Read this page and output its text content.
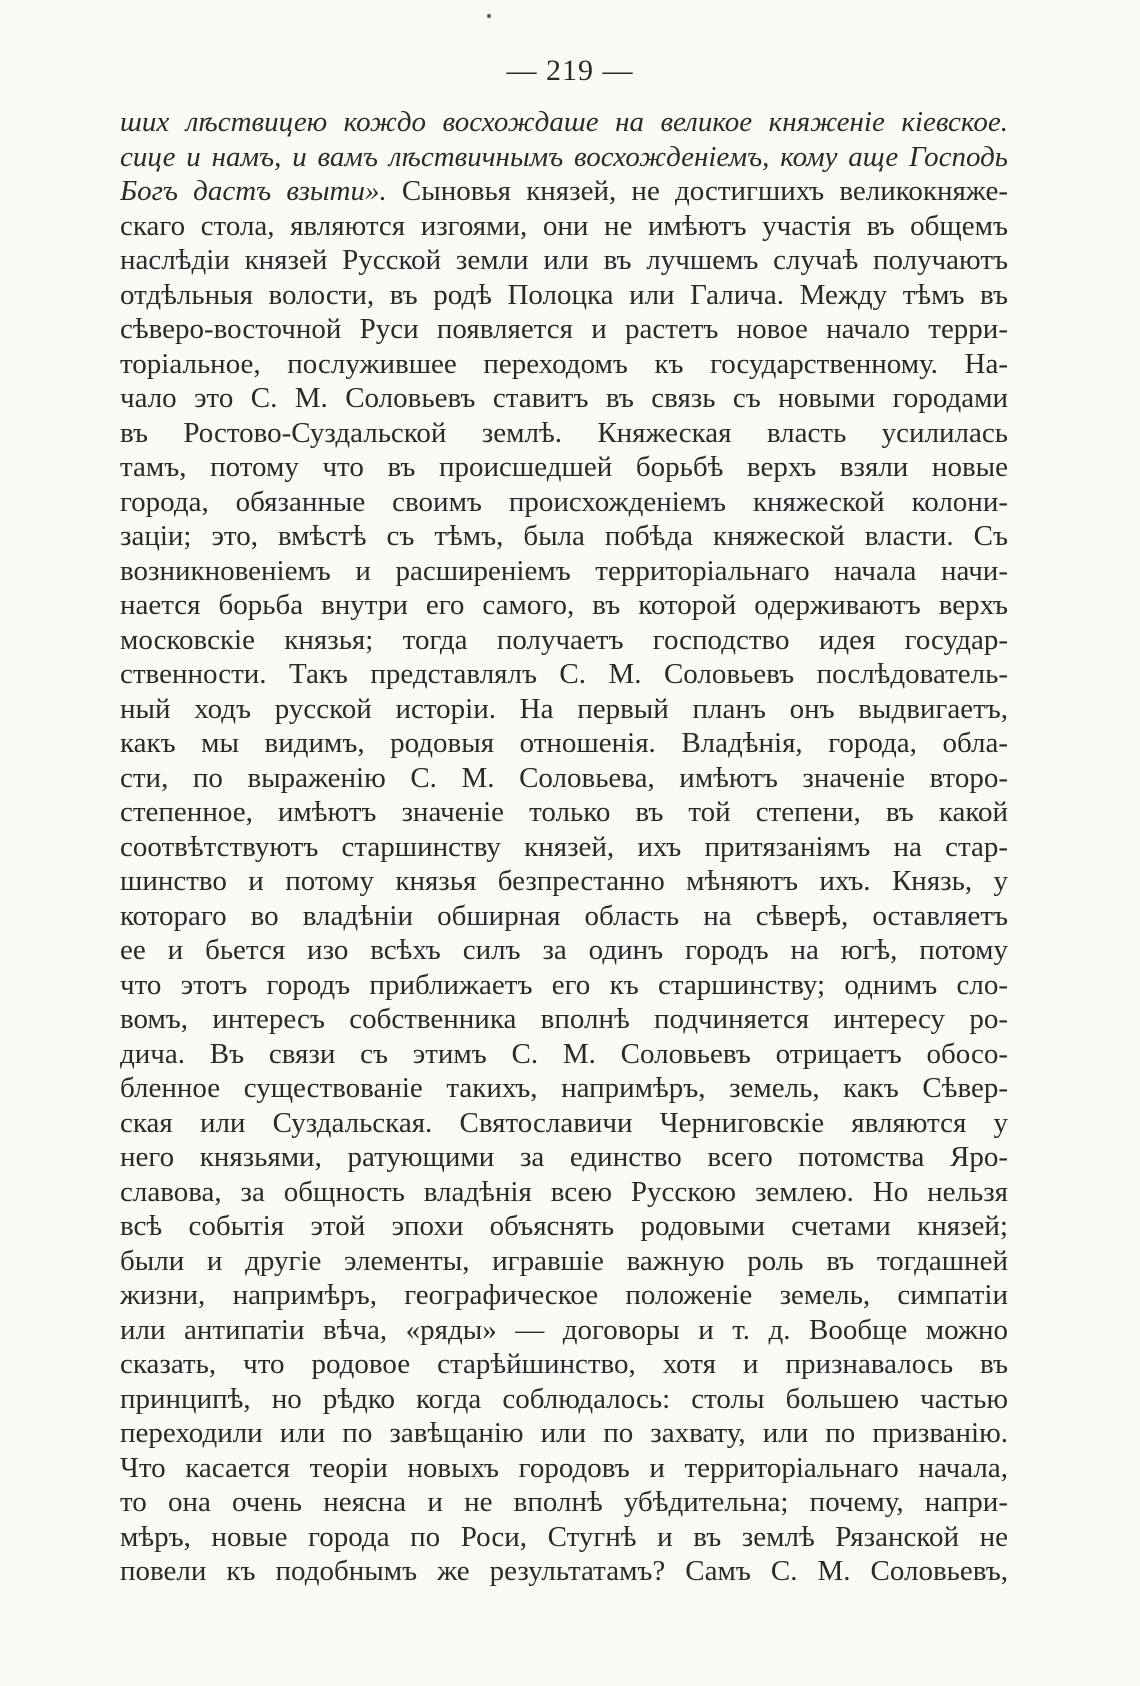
— 219 —
ших лѣствицею кождо восхождаше на великое княженіе кіевское.
сице и намъ, и вамъ лѣствичнымъ восхожденіемъ, кому аще Господь
Богъ дастъ взыти». Сыновья князей, не достигшихъ великокняже-
скаго стола, являются изгоями, они не имѣютъ участія въ общемъ
наслѣдіи князей Русской земли или въ лучшемъ случаѣ получаютъ
отдѣльныя волости, въ родѣ Полоцка или Галича. Между тѣмъ въ
сѣверо-восточной Руси появляется и растетъ новое начало терри-
торіальное, послужившее переходомъ къ государственному. На-
чало это С. М. Соловьевъ ставитъ въ связь съ новыми городами
въ Ростово-Суздальской землѣ. Княжеская власть усилилась
тамъ, потому что въ происшедшей борьбѣ верхъ взяли новые
города, обязанные своимъ происхожденіемъ княжеской колони-
заціи; это, вмѣстѣ съ тѣмъ, была побѣда княжеской власти. Съ
возникновеніемъ и расширеніемъ территоріальнаго начала начи-
нается борьба внутри его самого, въ которой одерживаютъ верхъ
московскіе князья; тогда получаетъ господство идея государ-
ственности. Такъ представлялъ С. М. Соловьевъ послѣдователь-
ный ходъ русской исторіи. На первый планъ онъ выдвигаетъ,
какъ мы видимъ, родовыя отношенія. Владѣнія, города, обла-
сти, по выраженію С. М. Соловьева, имѣютъ значеніе второ-
степенное, имѣютъ значеніе только въ той степени, въ какой
соотвѣтствуютъ старшинству князей, ихъ притязаніямъ на стар-
шинство и потому князья безпрестанно мѣняютъ ихъ. Князь, у
котораго во владѣніи обширная область на сѣверѣ, оставляетъ
ее и бьется изо всѣхъ силъ за одинъ городъ на югѣ, потому
что этотъ городъ приближаетъ его къ старшинству; однимъ сло-
вомъ, интересъ собственника вполнѣ подчиняется интересу ро-
дича. Въ связи съ этимъ С. М. Соловьевъ отрицаетъ обосо-
бленное существованіе такихъ, напримѣръ, земель, какъ Сѣвер-
ская или Суздальская. Святославичи Черниговскіе являются у
него князьями, ратующими за единство всего потомства Яро-
славова, за общность владѣнія всею Русскою землею. Но нельзя
всѣ событія этой эпохи объяснять родовыми счетами князей;
были и другіе элементы, игравшіе важную роль въ тогдашней
жизни, напримѣръ, географическое положеніе земель, симпатіи
или антипатіи вѣча, «ряды» — договоры и т. д. Вообще можно
сказать, что родовое старѣйшинство, хотя и признавалось въ
принципѣ, но рѣдко когда соблюдалось: столы большею частью
переходили или по завѣщанію или по захвату, или по призванію.
Что касается теоріи новыхъ городовъ и территоріальнаго начала,
то она очень неясна и не вполнѣ убѣдительна; почему, напри-
мѣръ, новые города по Роси, Стугнѣ и въ землѣ Рязанской не
повели къ подобнымъ же результатамъ? Самъ С. М. Соловьевъ,
